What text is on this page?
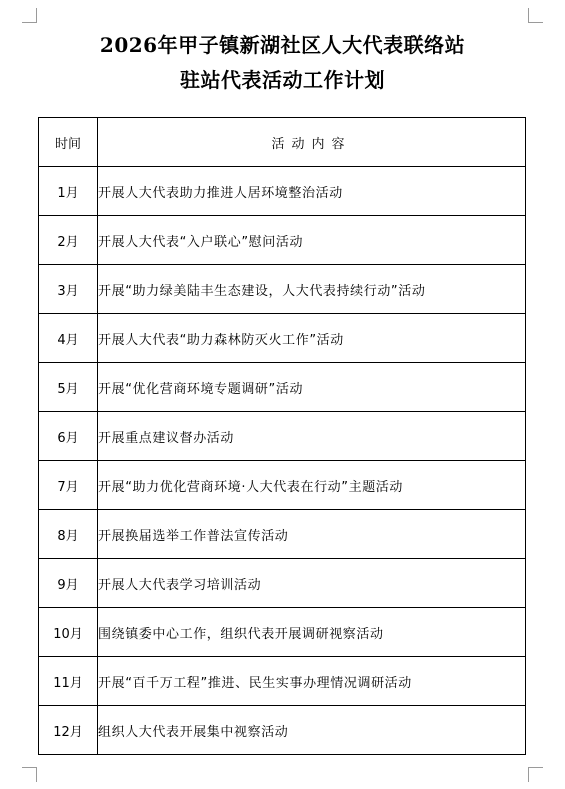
2026年甲子镇新湖社区人大代表联络站
驻站代表活动工作计划
时间	活动内容
1月	开展人大代表助力推进人居环境整治活动
2月	开展人大代表“入户联心”慰问活动
3月	开展“助力绿美陆丰生态建设，人大代表持续行动”活动
4月	开展人大代表“助力森林防灭火工作”活动
5月	开展“优化营商环境专题调研”活动
6月	开展重点建议督办活动
7月	开展“助力优化营商环境·人大代表在行动”主题活动
8月	开展换届选举工作普法宣传活动
9月	开展人大代表学习培训活动
10月	围绕镇委中心工作，组织代表开展调研视察活动
11月	开展“百千万工程”推进、民生实事办理情况调研活动
12月	组织人大代表开展集中视察活动
